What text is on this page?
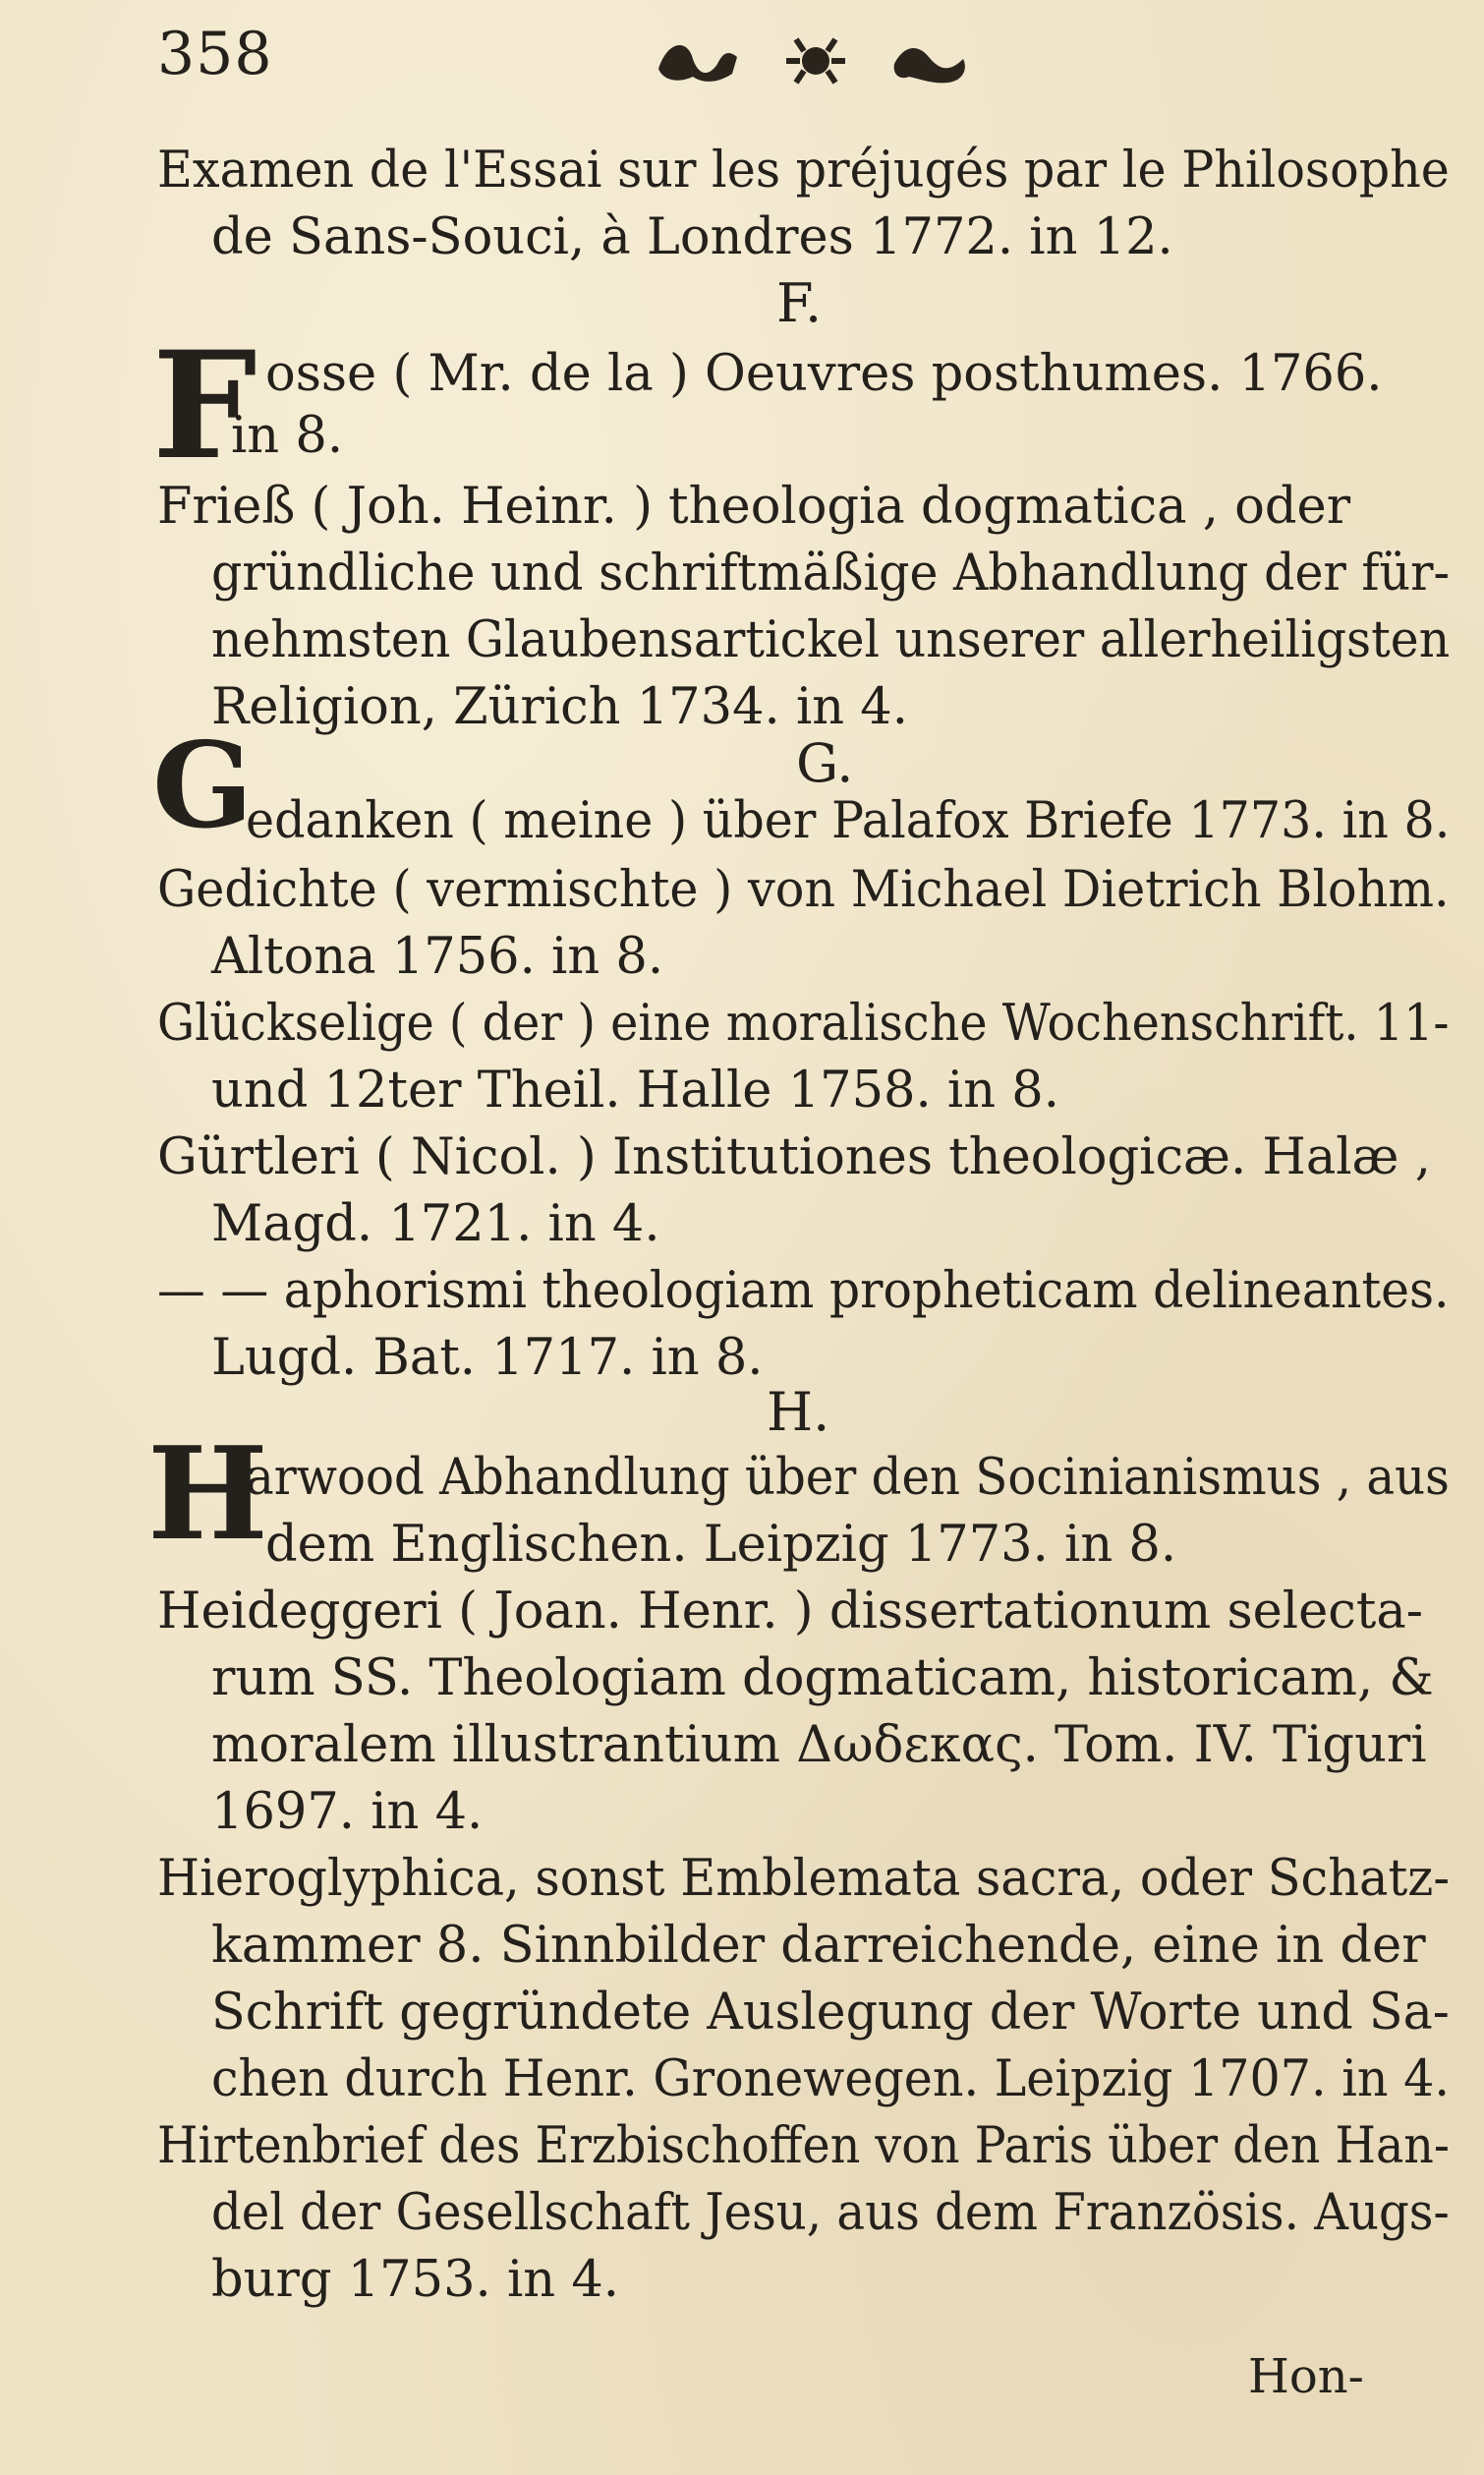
358
Examen de l'Essai sur les préjugés par le Philosophe
de Sans-Souci, à Londres 1772. in 12.
F.
F osse ( Mr. de la ) Oeuvres posthumes. 1766.
in 8.
Frieß ( Joh. Heinr. ) theologia dogmatica , oder
gründliche und schriftmäßige Abhandlung der für-
nehmsten Glaubensartickel unserer allerheiligsten
Religion, Zürich 1734. in 4.
G.
G
edanken ( meine ) über Palafox Briefe 1773. in 8.
Gedichte ( vermischte ) von Michael Dietrich Blohm.
Altona 1756. in 8.
Glückselige ( der ) eine moralische Wochenschrift. 11-
und 12ter Theil. Halle 1758. in 8.
Gürtleri ( Nicol. ) Institutiones theologicæ. Halæ ,
Magd. 1721. in 4.
— — aphorismi theologiam propheticam delineantes.
Lugd. Bat. 1717. in 8.
H.
H
arwood Abhandlung über den Socinianismus , aus
dem Englischen. Leipzig 1773. in 8.
Heideggeri ( Joan. Henr. ) dissertationum selecta-
rum SS. Theologiam dogmaticam, historicam, &
moralem illustrantium Δωδεκας. Tom. IV. Tiguri
1697. in 4.
Hieroglyphica, sonst Emblemata sacra, oder Schatz-
kammer 8. Sinnbilder darreichende, eine in der
Schrift gegründete Auslegung der Worte und Sa-
chen durch Henr. Gronewegen. Leipzig 1707. in 4.
Hirtenbrief des Erzbischoffen von Paris über den Han-
del der Gesellschaft Jesu, aus dem Französis. Augs-
burg 1753. in 4.
Hon-
